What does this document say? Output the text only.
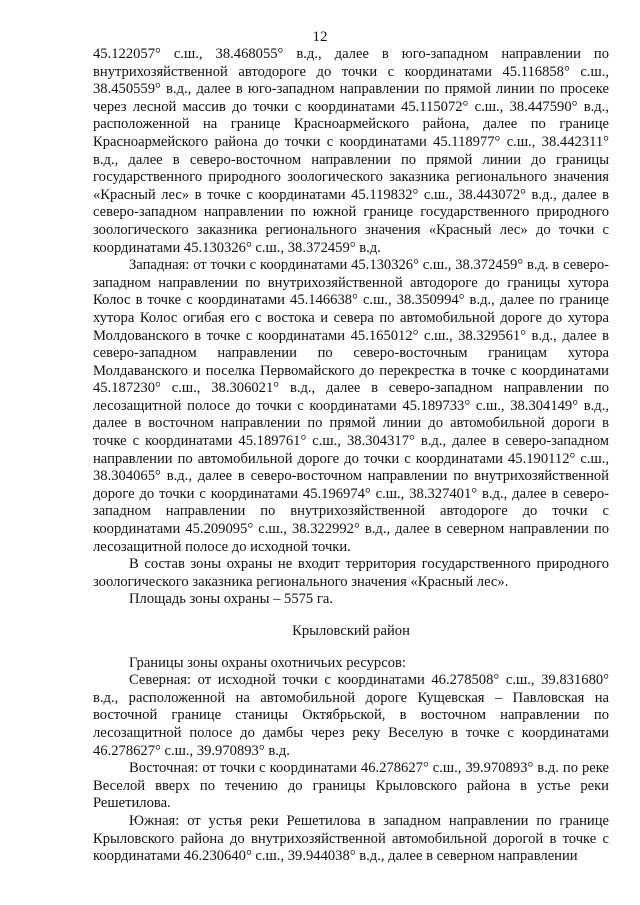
12

45.122057° с.ш., 38.468055° в.д., далее в юго-западном направлении по внутрихозяйственной автодороге до точки с координатами 45.116858° с.ш., 38.450559° в.д., далее в юго-западном направлении по прямой линии по просеке через лесной массив до точки с координатами 45.115072° с.ш., 38.447590° в.д., расположенной на границе Красноармейского района, далее по границе Красноармейского района до точки с координатами 45.118977° с.ш., 38.442311° в.д., далее в северо-восточном направлении по прямой линии до границы государственного природного зоологического заказника регионального значения «Красный лес» в точке с координатами 45.119832° с.ш., 38.443072° в.д., далее в северо-западном направлении по южной границе государственного природного зоологического заказника регионального значения «Красный лес» до точки с координатами 45.130326° с.ш., 38.372459° в.д.

Западная: от точки с координатами 45.130326° с.ш., 38.372459° в.д. в северо-западном направлении по внутрихозяйственной автодороге до границы хутора Колос в точке с координатами 45.146638° с.ш., 38.350994° в.д., далее по границе хутора Колос огибая его с востока и севера по автомобильной дороге до хутора Молдованского в точке с координатами 45.165012° с.ш., 38.329561° в.д., далее в северо-западном направлении по северо-восточным границам хутора Молдаванского и поселка Первомайского до перекрестка в точке с координатами 45.187230° с.ш., 38.306021° в.д., далее в северо-западном направлении по лесозащитной полосе до точки с координатами 45.189733° с.ш., 38.304149° в.д., далее в восточном направлении по прямой линии до автомобильной дороги в точке с координатами 45.189761° с.ш., 38.304317° в.д., далее в северо-западном направлении по автомобильной дороге до точки с координатами 45.190112° с.ш., 38.304065° в.д., далее в северо-восточном направлении по внутрихозяйственной дороге до точки с координатами 45.196974° с.ш., 38.327401° в.д., далее в северо-западном направлении по внутрихозяйственной автодороге до точки с координатами 45.209095° с.ш., 38.322992° в.д., далее в северном направлении по лесозащитной полосе до исходной точки.

В состав зоны охраны не входит территория государственного природного зоологического заказника регионального значения «Красный лес».

Площадь зоны охраны – 5575 га.

Крыловский район

Границы зоны охраны охотничьих ресурсов:

Северная: от исходной точки с координатами 46.278508° с.ш., 39.831680° в.д., расположенной на автомобильной дороге Кущевская – Павловская на восточной границе станицы Октябрьской, в восточном направлении по лесозащитной полосе до дамбы через реку Веселую в точке с координатами 46.278627° с.ш., 39.970893° в.д.

Восточная: от точки с координатами 46.278627° с.ш., 39.970893° в.д. по реке Веселой вверх по течению до границы Крыловского района в устье реки Решетилова.

Южная: от устья реки Решетилова в западном направлении по границе Крыловского района до внутрихозяйственной автомобильной дорогой в точке с координатами 46.230640° с.ш., 39.944038° в.д., далее в северном направлении
